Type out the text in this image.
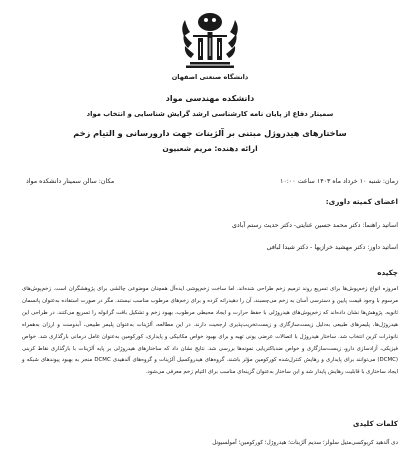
دانشگاه صنعتی اصفهان
دانشکده مهندسی مواد
سمینار دفاع از پایان نامه کارشناسی ارشد گرایش شناسایی و انتخاب مواد
ساختارهای هیدروژل مبتنی بر آلژینات جهت دارورسانی و التیام زخم
ارائه دهنده: مریم شعبیون
زمان: شنبه ۱۰ خرداد ماه ۱۴۰۳ ساعت ۱۰:۰۰
مکان: سالن سمینار دانشکده مواد
اعضای کمیته داوری:
اساتید راهنما: دکتر محمد حسین عنایتی- دکتر حدیث رستم آبادی
اساتید داور: دکتر مهشید خرازیها - دکتر شیدا لبافی
چکیده
امروزه انواع زخم‌پوش‌ها برای تسریع روند ترمیم زخم طراحی شده‌اند. اما ساخت زخم‌پوشی ایده‌آل همچنان موضوعی چالشی برای پژوهشگران است. زخم‌پوش‌های مرسوم با وجود قیمت پایین و دسترسی آسان به زخم می‌چسبند، آن را دهیدراته کرده و برای زخم‌های مرطوب مناسب نیستند. مگر در صورت استفاده به‌عنوان پانسمان ثانویه. پژوهش‌ها نشان داده‌اند که زخم‌پوش‌های هیدروژلی با حفظ حرارت و ایجاد محیطی مرطوب، بهبود زخم و تشکیل بافت گرانوله را تسریع می‌کنند. در طراحی این هیدروژل‌ها، پلیمرهای طبیعی به‌دلیل زیست‌سازگاری و زیست‌تخریب‌پذیری ارجحیت دارند. در این مطالعه، آلژینات به‌عنوان پلیمر طبیعی، آبدوست و ارزان به‌همراه نانوذرات کربن انتخاب شد. ساختار هیدروژل با اتصالات عرضی یونی تهیه و برای بهبود خواص مکانیکی و پایداری، کورکومین به‌عنوان عامل درمانی بارگذاری شد. خواص فیزیکی، آزادسازی دارو، زیست‌سازگاری و خواص ضدباکتریایی نمونه‌ها بررسی شد. نتایج نشان داد که ساختارهای هیدروژلی بر پایه آلژینات با بارگذاری نقاط کربنی (DCMC) می‌توانند برای پایداری و رهایش کنترل‌شده کورکومین مؤثر باشند. گروه‌های هیدروکسیل آلژینات و گروه‌های آلدهیدی DCMC منجر به بهبود پیوندهای شبکه و ایجاد ساختاری با قابلیت رهایش پایدار شد و این ساختار به‌عنوان گزینه‌ای مناسب برای التیام زخم معرفی می‌شود.
کلمات کلیدی
دی آلدهید کربوکسی‌متیل سلولز؛ سدیم آلژینات؛ هیدروژل؛ کورکومین؛ آمولسیونل
